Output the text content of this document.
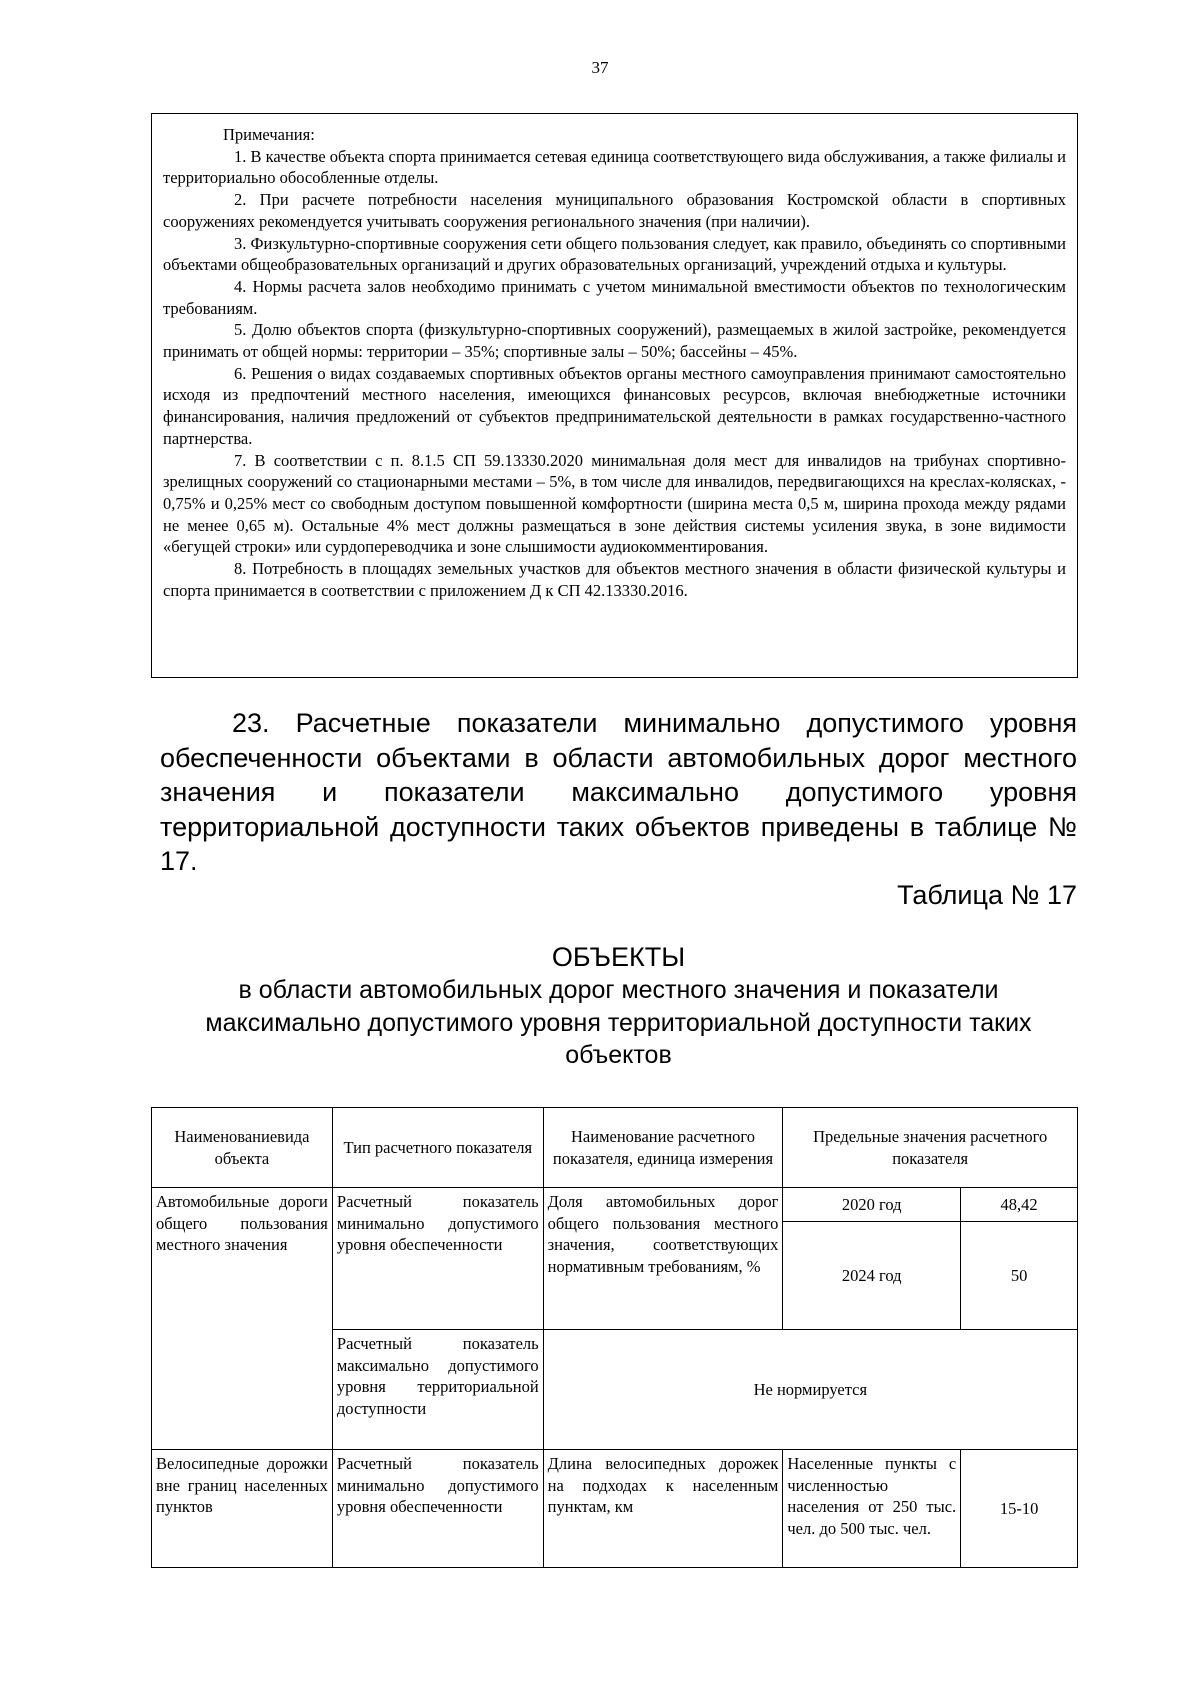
37

Примечания:

1. В качестве объекта спорта принимается сетевая единица соответствующего вида обслуживания, а также филиалы и территориально обособленные отделы.

2. При расчете потребности населения муниципального образования Костромской области в спортивных сооружениях рекомендуется учитывать сооружения регионального значения (при наличии).

3. Физкультурно-спортивные сооружения сети общего пользования следует, как правило, объединять со спортивными объектами общеобразовательных организаций и других образовательных организаций, учреждений отдыха и культуры.

4. Нормы расчета залов необходимо принимать с учетом минимальной вместимости объектов по технологическим требованиям.

5. Долю объектов спорта (физкультурно-спортивных сооружений), размещаемых в жилой застройке, рекомендуется принимать от общей нормы: территории – 35%; спортивные залы – 50%; бассейны – 45%.

6. Решения о видах создаваемых спортивных объектов органы местного самоуправления принимают самостоятельно исходя из предпочтений местного населения, имеющихся финансовых ресурсов, включая внебюджетные источники финансирования, наличия предложений от субъектов предпринимательской деятельности в рамках государственно-частного партнерства.

7. В соответствии с п. 8.1.5 СП 59.13330.2020 минимальная доля мест для инвалидов на трибунах спортивно-зрелищных сооружений со стационарными местами – 5%, в том числе для инвалидов, передвигающихся на креслах-колясках, - 0,75% и 0,25% мест со свободным доступом повышенной комфортности (ширина места 0,5 м, ширина прохода между рядами не менее 0,65 м). Остальные 4% мест должны размещаться в зоне действия системы усиления звука, в зоне видимости «бегущей строки» или сурдопереводчика и зоне слышимости аудиокомментирования.

8. Потребность в площадях земельных участков для объектов местного значения в области физической культуры и спорта принимается в соответствии с приложением Д к СП 42.13330.2016.

23. Расчетные показатели минимально допустимого уровня обеспеченности объектами в области автомобильных дорог местного значения и показатели максимально допустимого уровня территориальной доступности таких объектов приведены в таблице № 17.
Таблица № 17
ОБЪЕКТЫ
в области автомобильных дорог местного значения и показатели максимально допустимого уровня территориальной доступности таких объектов
Наименованиевида объекта	Тип расчетного показателя	Наименование расчетного показателя, единица измерения	Предельные значения расчетного показателя	
Автомобильные дороги общего пользования местного значения	Расчетный показатель минимально допустимого уровня обеспеченности	Доля автомобильных дорог общего пользования местного значения, соответствующих нормативным требованиям, %	2020 год	48,42
			2024 год	50
	Расчетный показатель максимально допустимого уровня территориальной доступности	Не нормируется		
Велосипедные дорожки вне границ населенных пунктов	Расчетный показатель минимально допустимого уровня обеспеченности	Длина велосипедных дорожек на подходах к населенным пунктам, км	Населенные пункты с численностью населения от 250 тыс. чел. до 500 тыс. чел.	15-10
